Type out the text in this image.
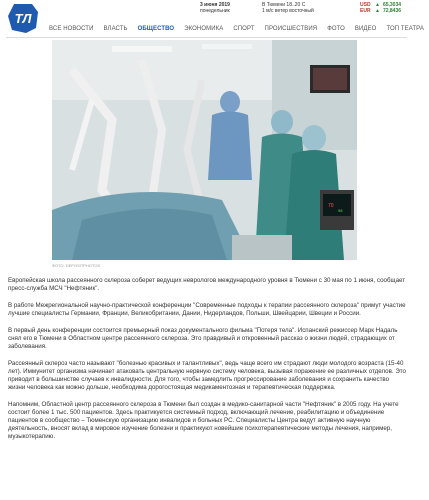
ТЛ
3 июня 2019
понедельник
В Тюмени 18..20 С
1 м/с ветер восточный
USD ▲ 65,3034
EUR ▲ 72,8436
ВСЕ НОВОСТИ	ВЛАСТЬ	ОБЩЕСТВО	ЭКОНОМИКА	СПОРТ	ПРОИСШЕСТВИЯ	ФОТО	ВИДЕО	ТОП ТЕАТРА
70
98
ФОТО: DEPOSITPHOTOS

Европейская школа рассеянного склероза соберет ведущих неврологов международного уровня в Тюмени с 30 мая по 1 июня, сообщает пресс-служба МСЧ "Нефтяник".

В работе Межрегиональной научно-практической конференции "Современные подходы к терапии рассеянного склероза" примут участие лучшие специалисты Германии, Франции, Великобритании, Дании, Нидерландов, Польши, Швейцарии, Швеции и России.

В первый день конференции состоится премьерный показ документального фильма "Потеря тела". Испанский режиссер Марк Надаль снял его в Тюмени в Областном центре рассеянного склероза. Это правдивый и откровенный рассказ о жизни людей, страдающих от заболевания.

Рассеянный склероз часто называют "болезнью красивых и талантливых", ведь чаще всего им страдают люди молодого возраста (15-40 лет). Иммунитет организма начинает атаковать центральную нервную систему человека, вызывая поражение ее различных отделов. Это приводит в большинстве случаев к инвалидности. Для того, чтобы замедлить прогрессирование заболевания и сохранить качество жизни человека как можно дольше, необходима дорогостоящая медикаментозная и терапевтическая поддержка.

Напомним, Областной центр рассеянного склероза в Тюмени был создан в медико-санитарной части "Нефтяник" в 2005 году. На учете состоит более 1 тыс. 500 пациентов. Здесь практикуется системный подход, включающий лечение, реабилитацию и объединение пациентов в сообщество – Тюменскую организацию инвалидов и больных РС. Специалисты Центра ведут активную научную деятельность, вносят вклад в мировое изучение болезни и практикуют новейшие психотерапевтические методы лечения, например, музыкотерапию.
